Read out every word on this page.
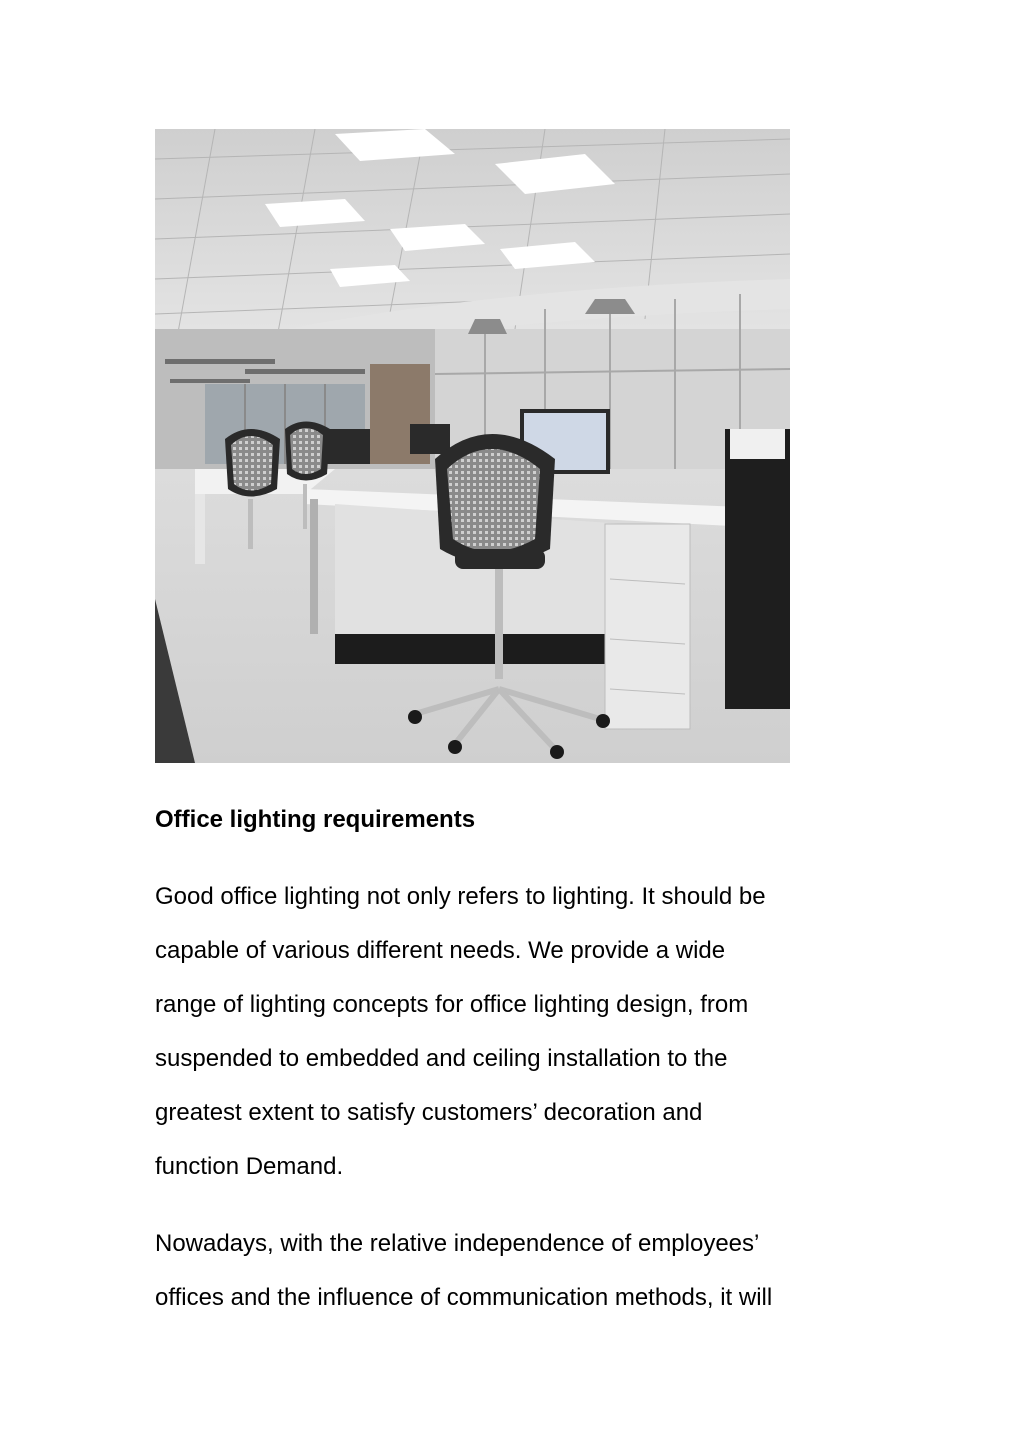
Office lighting requirements

Good office lighting not only refers to lighting. It should be
capable of various different needs. We provide a wide
range of lighting concepts for office lighting design, from
suspended to embedded and ceiling installation to the
greatest extent to satisfy customers’ decoration and
function Demand.

Nowadays, with the relative independence of employees’
offices and the influence of communication methods, it will
